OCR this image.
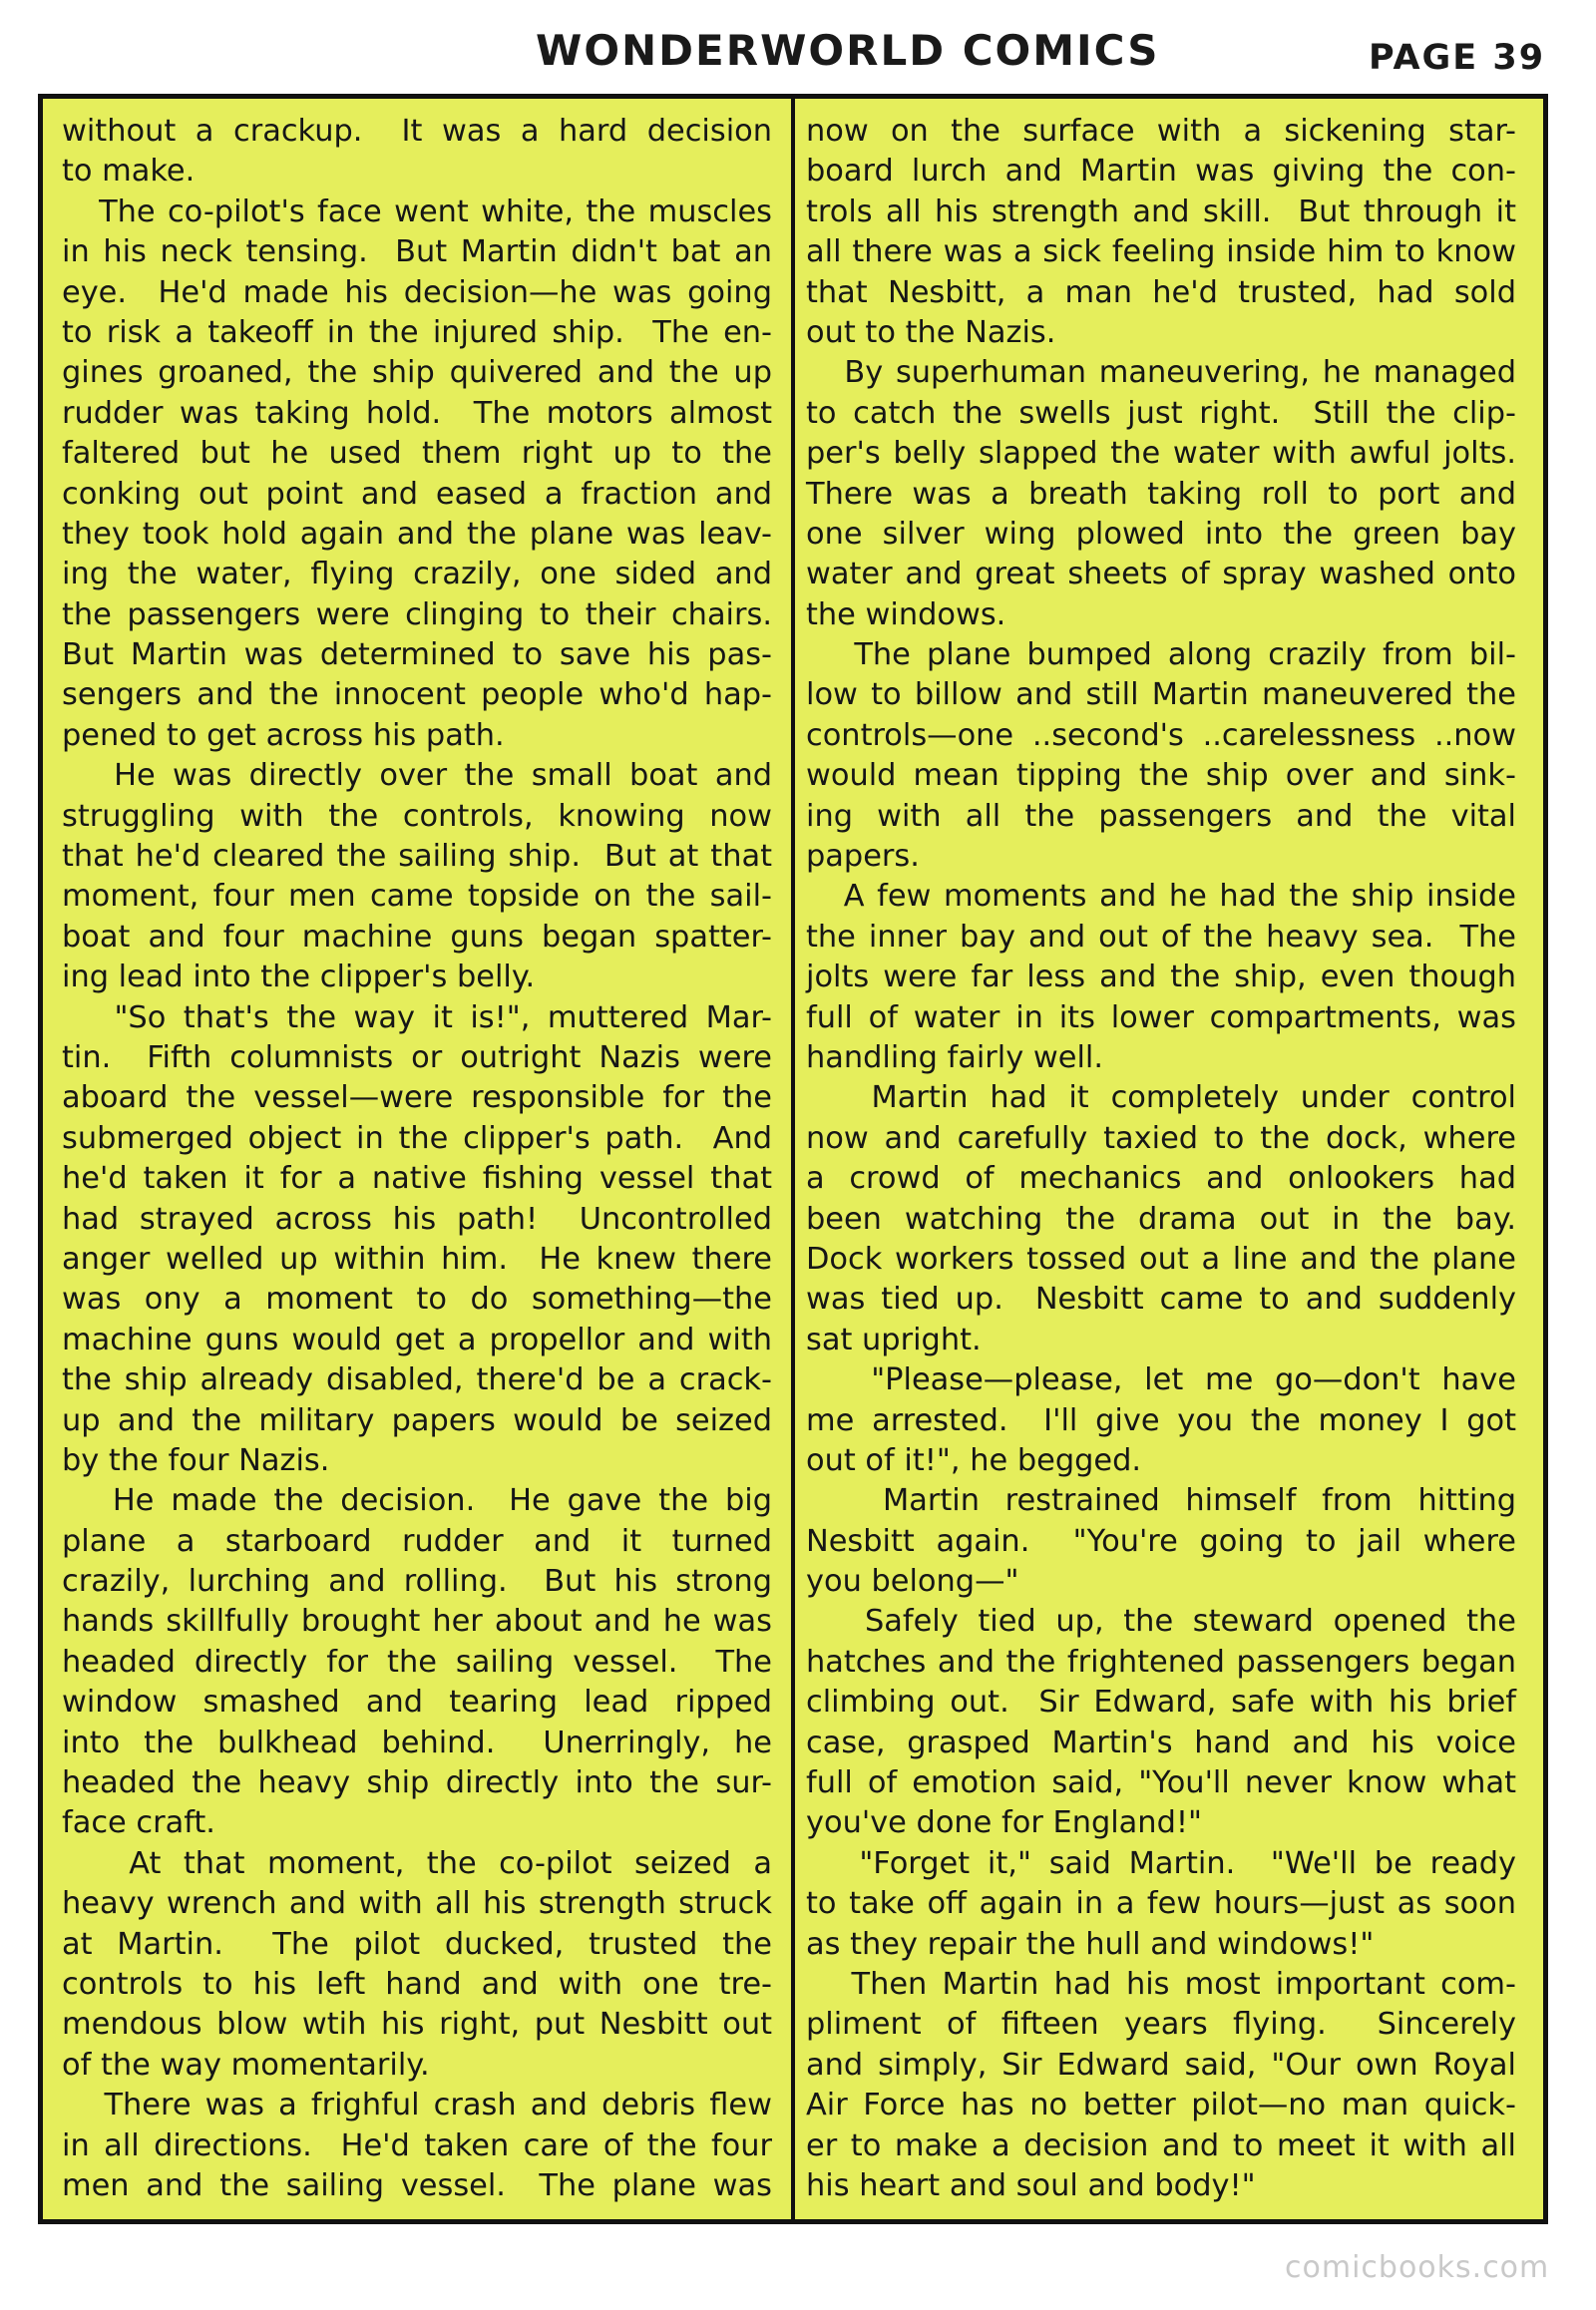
WONDERWORLD COMICS	PAGE 39
without a crackup.  It was a hard decision
to make.
The co-pilot's face went white, the muscles
in his neck tensing.  But Martin didn't bat an
eye.  He'd made his decision—he was going
to risk a takeoff in the injured ship.  The en-
gines groaned, the ship quivered and the up
rudder was taking hold.  The motors almost
faltered but he used them right up to the
conking out point and eased a fraction and
they took hold again and the plane was leav-
ing the water, flying crazily, one sided and
the passengers were clinging to their chairs.
But Martin was determined to save his pas-
sengers and the innocent people who'd hap-
pened to get across his path.
He was directly over the small boat and
struggling with the controls, knowing now
that he'd cleared the sailing ship.  But at that
moment, four men came topside on the sail-
boat and four machine guns began spatter-
ing lead into the clipper's belly.
"So that's the way it is!", muttered Mar-
tin.  Fifth columnists or outright Nazis were
aboard the vessel—were responsible for the
submerged object in the clipper's path.  And
he'd taken it for a native fishing vessel that
had strayed across his path!  Uncontrolled
anger welled up within him.  He knew there
was ony a moment to do something—the
machine guns would get a propellor and with
the ship already disabled, there'd be a crack-
up and the military papers would be seized
by the four Nazis.
He made the decision.  He gave the big
plane a starboard rudder and it turned
crazily, lurching and rolling.  But his strong
hands skillfully brought her about and he was
headed directly for the sailing vessel.  The
window smashed and tearing lead ripped
into the bulkhead behind.  Unerringly, he
headed the heavy ship directly into the sur-
face craft.
At that moment, the co-pilot seized a
heavy wrench and with all his strength struck
at Martin.  The pilot ducked, trusted the
controls to his left hand and with one tre-
mendous blow wtih his right, put Nesbitt out
of the way momentarily.
There was a frighful crash and debris flew
in all directions.  He'd taken care of the four
men and the sailing vessel.  The plane was
now on the surface with a sickening star-
board lurch and Martin was giving the con-
trols all his strength and skill.  But through it
all there was a sick feeling inside him to know
that Nesbitt, a man he'd trusted, had sold
out to the Nazis.
By superhuman maneuvering, he managed
to catch the swells just right.  Still the clip-
per's belly slapped the water with awful jolts.
There was a breath taking roll to port and
one silver wing plowed into the green bay
water and great sheets of spray washed onto
the windows.
The plane bumped along crazily from bil-
low to billow and still Martin maneuvered the
controls—one ..second's ..carelessness ..now
would mean tipping the ship over and sink-
ing with all the passengers and the vital
papers.
A few moments and he had the ship inside
the inner bay and out of the heavy sea.  The
jolts were far less and the ship, even though
full of water in its lower compartments, was
handling fairly well.
Martin had it completely under control
now and carefully taxied to the dock, where
a crowd of mechanics and onlookers had
been watching the drama out in the bay.
Dock workers tossed out a line and the plane
was tied up.  Nesbitt came to and suddenly
sat upright.
"Please—please, let me go—don't have
me arrested.  I'll give you the money I got
out of it!", he begged.
Martin restrained himself from hitting
Nesbitt again.  "You're going to jail where
you belong—"
Safely tied up, the steward opened the
hatches and the frightened passengers began
climbing out.  Sir Edward, safe with his brief
case, grasped Martin's hand and his voice
full of emotion said, "You'll never know what
you've done for England!"
"Forget it," said Martin.  "We'll be ready
to take off again in a few hours—just as soon
as they repair the hull and windows!"
Then Martin had his most important com-
pliment of fifteen years flying.  Sincerely
and simply, Sir Edward said, "Our own Royal
Air Force has no better pilot—no man quick-
er to make a decision and to meet it with all
his heart and soul and body!"
comicbooks.com
